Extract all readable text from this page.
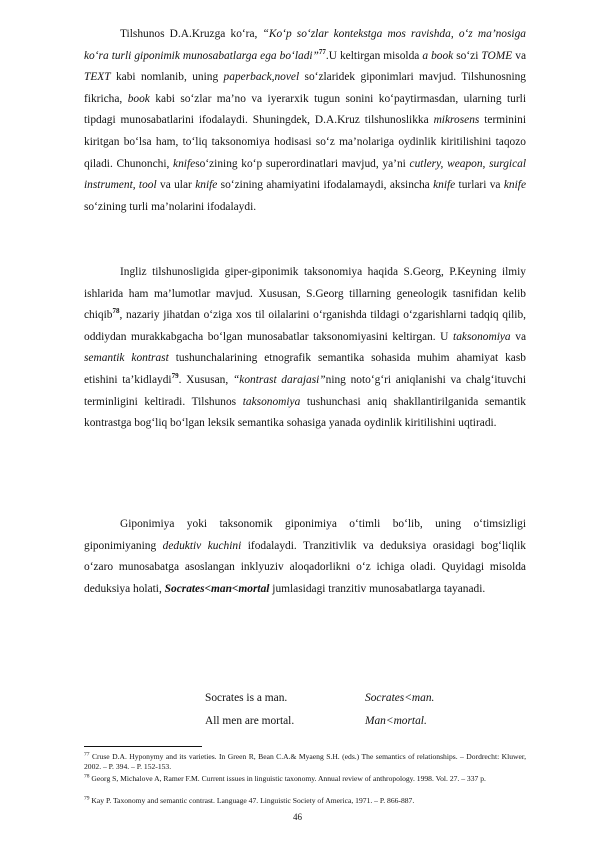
Tilshunos D.A.Kruzga ko‘ra, “Ko‘p so‘zlar kontekstga mos ravishda, o‘z ma’nosiga ko‘ra turli giponimik munosabatlarga ega bo‘ladi”$^{77}$.U keltirgan misolda a book so‘zi TOME va TEXT kabi nomlanib, uning paperback,novel so‘zlaridek giponimlari mavjud. Tilshunosning fikricha, book kabi so‘zlar ma’no va iyerarxik tugun sonini ko‘paytirmasdan, ularning turli tipdagi munosabatlarini ifodalaydi. Shuningdek, D.A.Kruz tilshunoslikka mikrosens terminini kiritgan bo‘lsa ham, to‘liq taksonomiya hodisasi so‘z ma’nolariga oydinlik kiritilishini taqozo qiladi. Chunonchi, knifeso‘zining ko‘p superordinatlari mavjud, ya’ni cutlery, weapon, surgical instrument, tool va ular knife so‘zining ahamiyatini ifodalamaydi, aksincha knife turlari va knife so‘zining turli ma’nolarini ifodalaydi.

Ingliz tilshunosligida giper-giponimik taksonomiya haqida S.Georg, P.Keyning ilmiy ishlarida ham ma’lumotlar mavjud. Xususan, S.Georg tillarning geneologik tasnifidan kelib chiqib$^{78}$, nazariy jihatdan o‘ziga xos til oilalarini o‘rganishda tildagi o‘zgarishlarni tadqiq qilib, oddiydan murakkabgacha bo‘lgan munosabatlar taksonomiyasini keltirgan. U taksonomiya va semantik kontrast tushunchalarining etnografik semantika sohasida muhim ahamiyat kasb etishini ta’kidlaydi$^{79}$. Xususan, “kontrast darajasi”ning noto‘g‘ri aniqlanishi va chalg‘ituvchi terminligini keltiradi. Tilshunos taksonomiya tushunchasi aniq shakllantirilganida semantik kontrastga bog‘liq bo‘lgan leksik semantika sohasiga yanada oydinlik kiritilishini uqtiradi.

Giponimiya yoki taksonomik giponimiya o‘timli bo‘lib, uning o‘timsizligi giponimiyaning deduktiv kuchini ifodalaydi. Tranzitivlik va deduksiya orasidagi bog‘liqlik o‘zaro munosabatga asoslangan inklyuziv aloqadorlikni o‘z ichiga oladi. Quyidagi misolda deduksiya holati, Socrates<man<mortal jumlasidagi tranzitiv munosabatlarga tayanadi.

Socrates is a man.	Socrates<man.
All men are mortal.	Man<mortal.

$^{77}$ Cruse D.A. Hyponymy and its varieties. In Green R, Bean C.A.& Myaeng S.H. (eds.) The semantics of relationships. – Dordrecht: Kluwer, 2002. – P. 394. – P. 152-153.

$^{78}$ Georg S, Michalove A, Ramer F.M. Current issues in linguistic taxonomy. Annual review of anthropology. 1998. Vol. 27. – 337 p.

$^{79}$ Kay P. Taxonomy and semantic contrast. Language 47. Linguistic Society of America, 1971. – P. 866-887.

46
